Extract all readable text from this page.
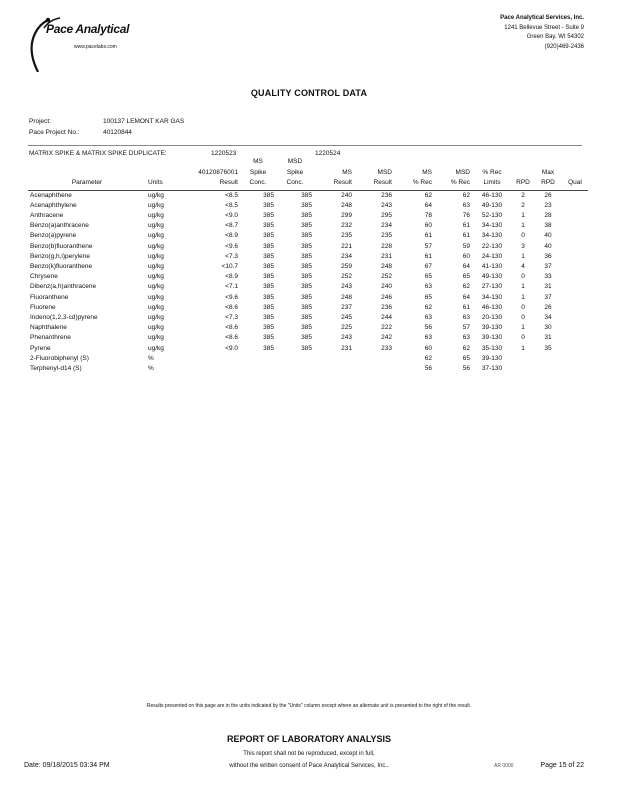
Pace Analytical
www.pacelabs.com
Pace Analytical Services, Inc.
1241 Bellevue Street - Suite 9
Green Bay, WI 54302
(920)469-2436
QUALITY CONTROL DATA
Project:	100137 LEMONT KAR GAS
Pace Project No.:	40120844
MATRIX SPIKE & MATRIX SPIKE DUPLICATE:	1220523	1220524
			MS	MSD								
		40120876001	Spike	Spike	MS	MSD	MS	MSD	% Rec		Max	
Parameter	Units	Result	Conc.	Conc.	Result	Result	% Rec	% Rec	Limits	RPD	RPD	Qual
Acenaphthene	ug/kg	<8.5	385	385	240	236	62	62	46-130	2	26	
Acenaphthylene	ug/kg	<8.5	385	385	248	243	64	63	49-130	2	23	
Anthracene	ug/kg	<9.0	385	385	299	295	78	76	52-130	1	28	
Benzo(a)anthracene	ug/kg	<8.7	385	385	232	234	60	61	34-130	1	38	
Benzo(a)pyrene	ug/kg	<8.9	385	385	235	235	61	61	34-130	0	40	
Benzo(b)fluoranthene	ug/kg	<9.6	385	385	221	228	57	59	22-130	3	40	
Benzo(g,h,i)perylene	ug/kg	<7.3	385	385	234	231	61	60	24-130	1	36	
Benzo(k)fluoranthene	ug/kg	<10.7	385	385	259	248	67	64	41-130	4	37	
Chrysene	ug/kg	<8.9	385	385	252	252	65	65	49-130	0	33	
Dibenz(a,h)anthracene	ug/kg	<7.1	385	385	243	240	63	62	27-130	1	31	
Fluoranthene	ug/kg	<9.6	385	385	248	246	65	64	34-130	1	37	
Fluorene	ug/kg	<8.6	385	385	237	236	62	61	46-130	0	26	
Indeno(1,2,3-cd)pyrene	ug/kg	<7.3	385	385	245	244	63	63	20-130	0	34	
Naphthalene	ug/kg	<8.6	385	385	225	222	56	57	39-130	1	30	
Phenanthrene	ug/kg	<8.6	385	385	243	242	63	63	39-130	0	31	
Pyrene	ug/kg	<9.0	385	385	231	233	60	62	35-130	1	35	
2-Fluorobiphenyl (S)	%						62	65	39-130			
Terphenyl-d14 (S)	%						56	56	37-130			
Results presented on this page are in the units indicated by the "Units" column except where an alternate unit is presented to the right of the result.
REPORT OF LABORATORY ANALYSIS
This report shall not be reproduced, except in full,
without the written consent of Pace Analytical Services, Inc..
Date: 09/18/2015 03:34 PM	AR 0000	Page 15 of 22
